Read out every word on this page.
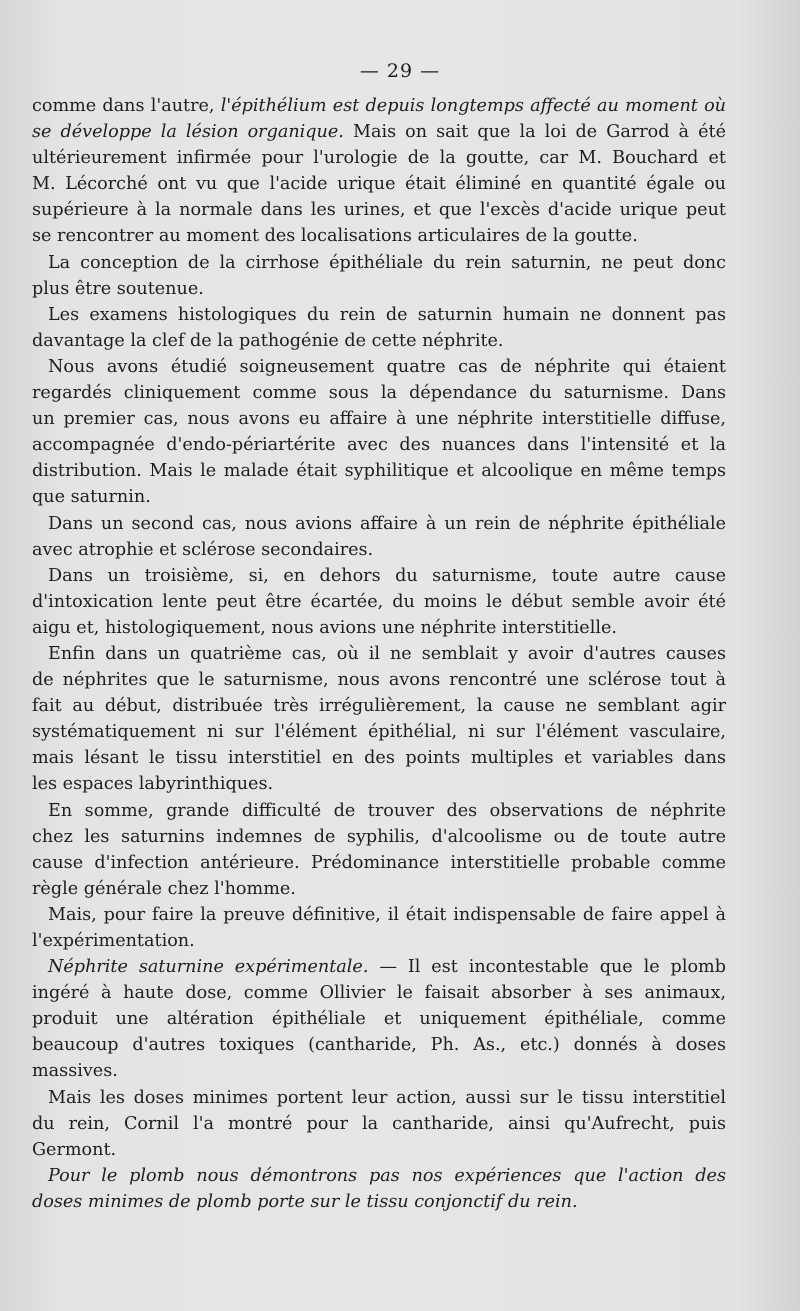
— 29 —
comme dans l'autre, l'épithélium est depuis longtemps affecté au moment où
se développe la lésion organique. Mais on sait que la loi de Garrod à été
ultérieurement infirmée pour l'urologie de la goutte, car M. Bouchard et
M. Lécorché ont vu que l'acide urique était éliminé en quantité égale ou
supérieure à la normale dans les urines, et que l'excès d'acide urique peut
se rencontrer au moment des localisations articulaires de la goutte.
La conception de la cirrhose épithéliale du rein saturnin, ne peut donc
plus être soutenue.
Les examens histologiques du rein de saturnin humain ne donnent pas
davantage la clef de la pathogénie de cette néphrite.
Nous avons étudié soigneusement quatre cas de néphrite qui étaient
regardés cliniquement comme sous la dépendance du saturnisme. Dans
un premier cas, nous avons eu affaire à une néphrite interstitielle diffuse,
accompagnée d'endo-périartérite avec des nuances dans l'intensité et la
distribution. Mais le malade était syphilitique et alcoolique en même temps
que saturnin.
Dans un second cas, nous avions affaire à un rein de néphrite épithéliale
avec atrophie et sclérose secondaires.
Dans un troisième, si, en dehors du saturnisme, toute autre cause
d'intoxication lente peut être écartée, du moins le début semble avoir été
aigu et, histologiquement, nous avions une néphrite interstitielle.
Enfin dans un quatrième cas, où il ne semblait y avoir d'autres causes
de néphrites que le saturnisme, nous avons rencontré une sclérose tout à
fait au début, distribuée très irrégulièrement, la cause ne semblant agir
systématiquement ni sur l'élément épithélial, ni sur l'élément vasculaire,
mais lésant le tissu interstitiel en des points multiples et variables dans
les espaces labyrinthiques.
En somme, grande difficulté de trouver des observations de néphrite
chez les saturnins indemnes de syphilis, d'alcoolisme ou de toute autre
cause d'infection antérieure. Prédominance interstitielle probable comme
règle générale chez l'homme.
Mais, pour faire la preuve définitive, il était indispensable de faire appel à
l'expérimentation.
Néphrite saturnine expérimentale. — Il est incontestable que le plomb
ingéré à haute dose, comme Ollivier le faisait absorber à ses animaux,
produit une altération épithéliale et uniquement épithéliale, comme
beaucoup d'autres toxiques (cantharide, Ph. As., etc.) donnés à doses
massives.
Mais les doses minimes portent leur action, aussi sur le tissu interstitiel
du rein, Cornil l'a montré pour la cantharide, ainsi qu'Aufrecht, puis
Germont.
Pour le plomb nous démontrons pas nos expériences que l'action des
doses minimes de plomb porte sur le tissu conjonctif du rein.
